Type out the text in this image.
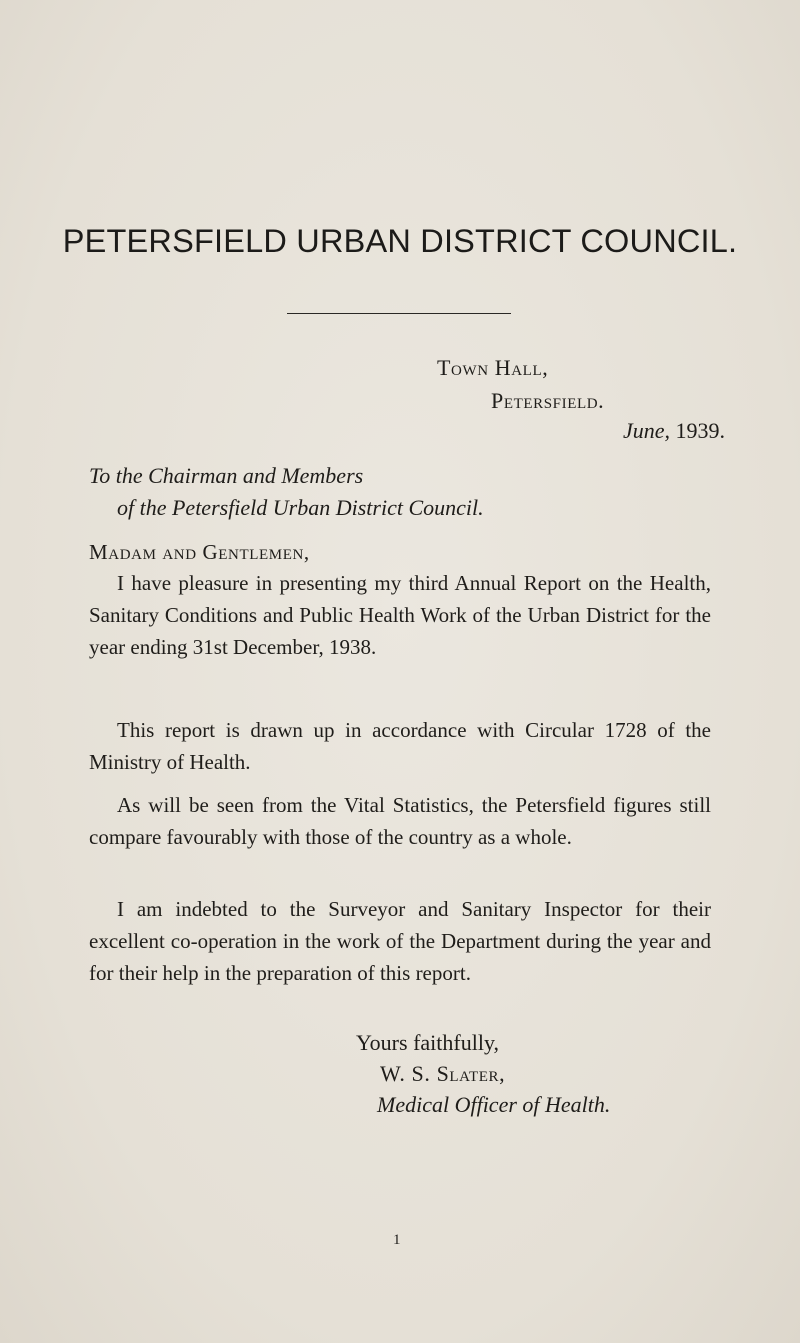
PETERSFIELD URBAN DISTRICT COUNCIL.
Town Hall,
Petersfield.
June, 1939.
To the Chairman and Members
of the Petersfield Urban District Council.
Madam and Gentlemen,

I have pleasure in presenting my third Annual Report on the Health, Sanitary Conditions and Public Health Work of the Urban District for the year ending 31st December, 1938.

This report is drawn up in accordance with Circular 1728 of the Ministry of Health.

As will be seen from the Vital Statistics, the Petersfield figures still compare favourably with those of the country as a whole.

I am indebted to the Surveyor and Sanitary Inspector for their excellent co-operation in the work of the Department during the year and for their help in the preparation of this report.

Yours faithfully,
W. S. Slater,
Medical Officer of Health.
1
